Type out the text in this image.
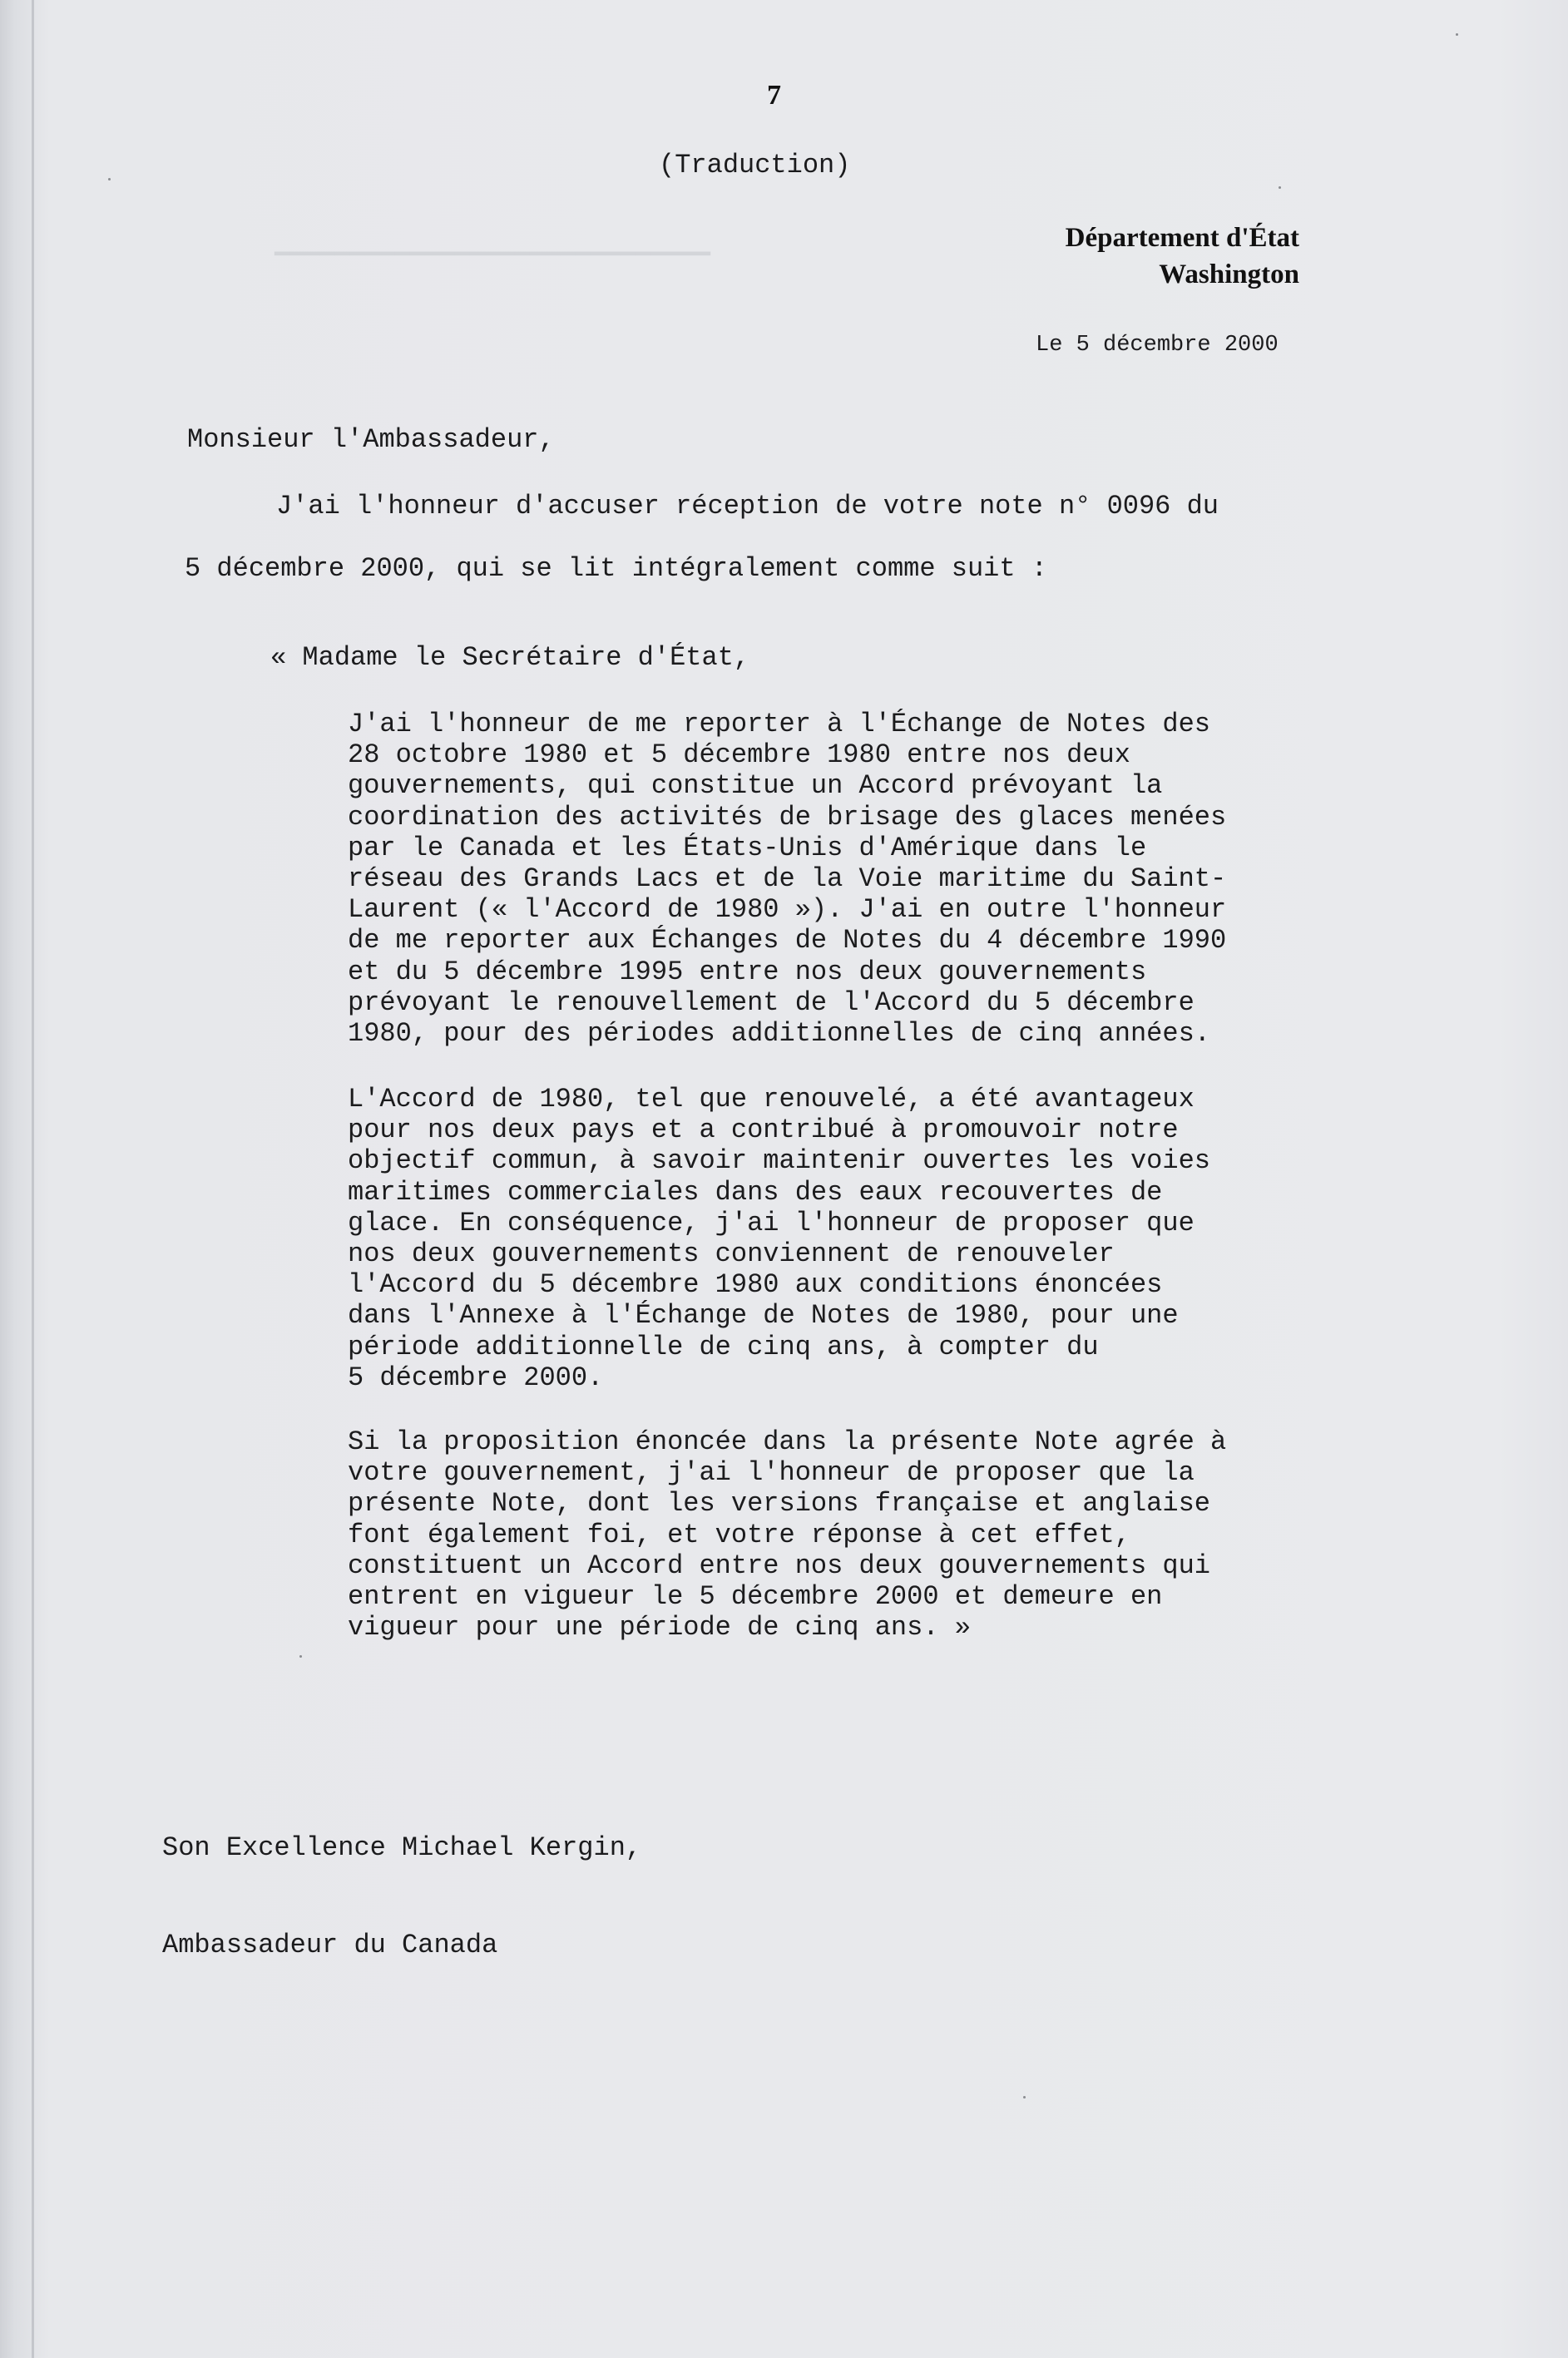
▁▁▁▁▁▁▁▁▁▁▁▁▁▁▁▁▁▁▁▁▁▁▁▁▁▁▁▁▁

7

(Traduction)

Département d'État
Washington

Le 5 décembre 2000

Monsieur l'Ambassadeur,

J'ai l'honneur d'accuser réception de votre note n° 0096 du

5 décembre 2000, qui se lit intégralement comme suit :

« Madame le Secrétaire d'État,

J'ai l'honneur de me reporter à l'Échange de Notes des
28 octobre 1980 et 5 décembre 1980 entre nos deux
gouvernements, qui constitue un Accord prévoyant la
coordination des activités de brisage des glaces menées
par le Canada et les États-Unis d'Amérique dans le
réseau des Grands Lacs et de la Voie maritime du Saint-
Laurent (« l'Accord de 1980 »). J'ai en outre l'honneur
de me reporter aux Échanges de Notes du 4 décembre 1990
et du 5 décembre 1995 entre nos deux gouvernements
prévoyant le renouvellement de l'Accord du 5 décembre
1980, pour des périodes additionnelles de cinq années.

L'Accord de 1980, tel que renouvelé, a été avantageux
pour nos deux pays et a contribué à promouvoir notre
objectif commun, à savoir maintenir ouvertes les voies
maritimes commerciales dans des eaux recouvertes de
glace. En conséquence, j'ai l'honneur de proposer que
nos deux gouvernements conviennent de renouveler
l'Accord du 5 décembre 1980 aux conditions énoncées
dans l'Annexe à l'Échange de Notes de 1980, pour une
période additionnelle de cinq ans, à compter du
5 décembre 2000.

Si la proposition énoncée dans la présente Note agrée à
votre gouvernement, j'ai l'honneur de proposer que la
présente Note, dont les versions française et anglaise
font également foi, et votre réponse à cet effet,
constituent un Accord entre nos deux gouvernements qui
entrent en vigueur le 5 décembre 2000 et demeure en
vigueur pour une période de cinq ans. »

Son Excellence Michael Kergin,

Ambassadeur du Canada
